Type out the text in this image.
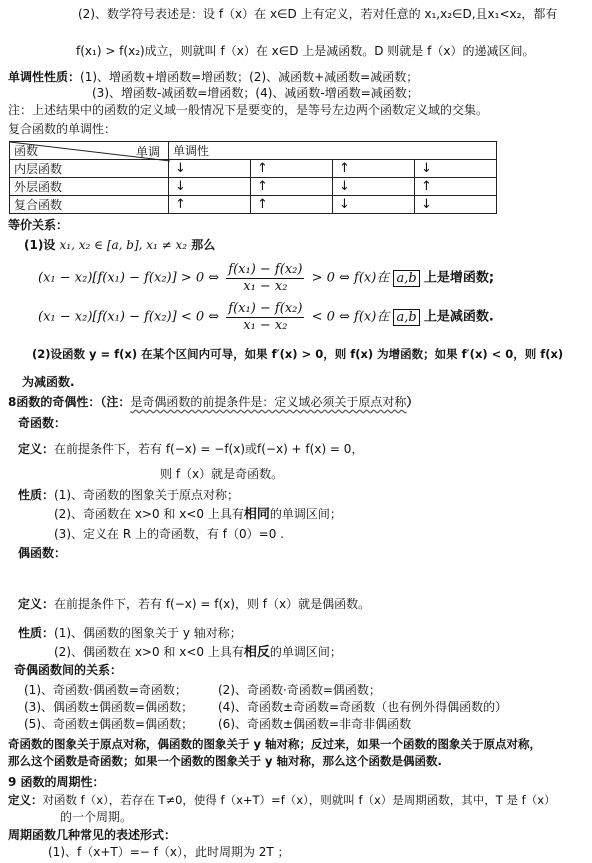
(2)、数学符号表述是：设 f（x）在 x∈D 上有定义，若对任意的 x₁,x₂∈D,且x₁<x₂，都有
f(x₁) > f(x₂)成立，则就叫 f（x）在 x∈D 上是减函数。D 则就是 f（x）的递减区间。
单调性性质：(1)、增函数+增函数=增函数；(2)、减函数+减函数=减函数；
(3)、增函数-减函数=增函数；(4)、减函数-增函数=减函数；
注：上述结果中的函数的定义域一般情况下是要变的，是等号左边两个函数定义域的交集。
复合函数的单调性：
函数 单调	单调性			
内层函数	↓	↑	↑	↓
外层函数	↓	↑	↓	↑
复合函数	↑	↑	↓	↓
等价关系：
(1)设 x₁, x₂ ∈ [a, b], x₁ ≠ x₂ 那么
(x₁ − x₂)[f(x₁) − f(x₂)] > 0 ⇔ $\frac{\text{f(x₁) − f(x₂)}}{\text{x₁ − x₂}} > 0$ ⇔ f(x)在 a,b 上是增函数;
(x₁ − x₂)[f(x₁) − f(x₂)] < 0 ⇔ $\frac{\text{f(x₁) − f(x₂)}}{\text{x₁ − x₂}} < 0$ ⇔ f(x)在 a,b 上是减函数.
(2)设函数 y = f(x) 在某个区间内可导，如果 f′(x) > 0，则 f(x) 为增函数；如果 f′(x) < 0，则 f(x)
为减函数.
8函数的奇偶性：（注：是奇偶函数的前提条件是：定义域必须关于原点对称）
奇函数：
定义：在前提条件下，若有 f(−x) = −f(x)或f(−x) + f(x) = 0，
则 f（x）就是奇函数。
性质：(1)、奇函数的图象关于原点对称；
(2)、奇函数在 x>0 和 x<0 上具有相同的单调区间；
(3)、定义在 R 上的奇函数，有 f（0）=0 .
偶函数：
定义：在前提条件下，若有 f(−x) = f(x)，则 f（x）就是偶函数。
性质：(1)、偶函数的图象关于 y 轴对称；
(2)、偶函数在 x>0 和 x<0 上具有相反的单调区间；
奇偶函数间的关系：
(1)、奇函数·偶函数=奇函数；	(2)、奇函数·奇函数=偶函数；
(3)、偶函数±偶函数=偶函数； (4)、奇函数±奇函数=奇函数（也有例外得偶函数的）
(5)、奇函数±偶函数=偶函数； (6)、奇函数±偶函数=非奇非偶函数
奇函数的图象关于原点对称，偶函数的图象关于 y 轴对称；反过来，如果一个函数的图象关于原点对称，
那么这个函数是奇函数；如果一个函数的图象关于 y 轴对称，那么这个函数是偶函数.
9 函数的周期性：
定义：对函数 f（x），若存在 T≠0，使得 f（x+T）=f（x），则就叫 f（x）是周期函数，其中，T 是 f（x）
的一个周期。
周期函数几种常见的表述形式：
(1)、f（x+T）=− f（x），此时周期为 2T ；
